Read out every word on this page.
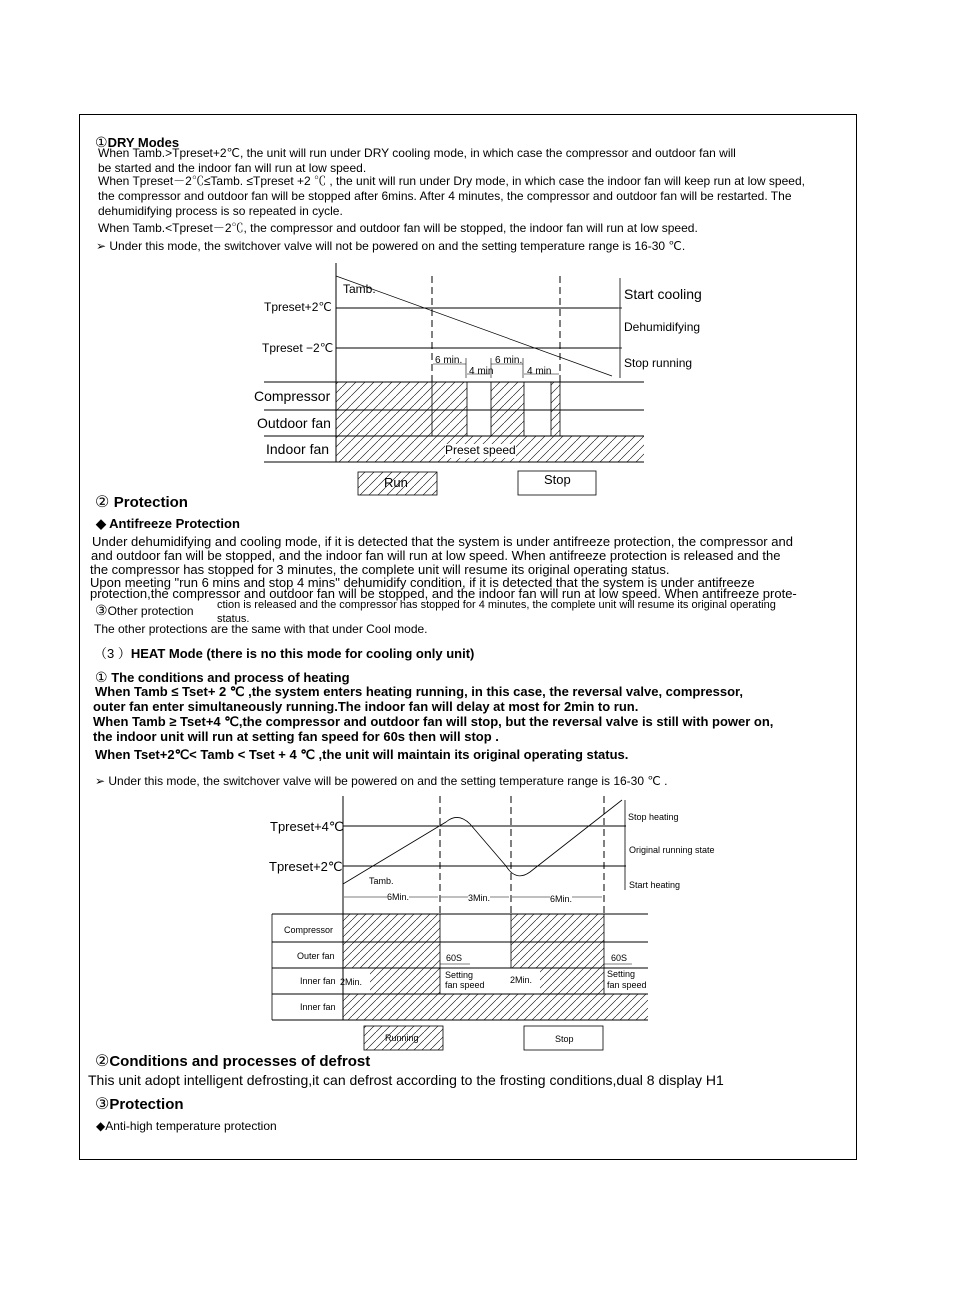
①DRY Modes
When Tamb.>Tpreset+2℃, the unit will run under DRY cooling mode, in which case the compressor and outdoor fan will
be started and the indoor fan will run at low speed.
When Tpreset－2℃≤Tamb. ≤Tpreset +2 ℃ , the unit will run under Dry mode, in which case the indoor fan will keep run at low speed,
the compressor and outdoor fan will be stopped after 6mins. After 4 minutes, the compressor and outdoor fan will be restarted. The
dehumidifying process is so repeated in cycle.
When Tamb.<Tpreset－2℃, the compressor and outdoor fan will be stopped, the indoor fan will run at low speed.
➢ Under this mode, the switchover valve will not be powered on and the setting temperature range is 16-30 ℃.
Tpreset+2℃
Tpreset −2℃
Tamb.	Start cooling
Dehumidifying
Stop running
6 min.	6 min.
4 min	4 min
Compressor
Outdoor fan
Indoor fan	Preset speed
Run	Stop
② Protection
◆ Antifreeze Protection
Under dehumidifying and cooling mode, if it is detected that the system is under antifreeze protection, the compressor and
and outdoor fan will be stopped, and the indoor fan will run at low speed. When antifreeze protection is released and the
the compressor has stopped for 3 minutes, the complete unit will resume its original operating status.
Upon meeting "run 6 mins and stop 4 mins" dehumidify condition, if it is detected that the system is under antifreeze
protection,the compressor and outdoor fan will be stopped, and the indoor fan will run at low speed. When antifreeze prote-
ction is released and the compressor has stopped for 4 minutes, the complete unit will resume its original operating
status.
③Other protection
The other protections are the same with that under Cool mode.
（3 ）HEAT Mode (there is no this mode for cooling only unit)
① The conditions and process of heating
When Tamb ≤ Tset+ 2 ℃ ,the system enters heating running, in this case, the reversal valve, compressor,
outer fan enter simultaneously running.The indoor fan will delay at most for 2min to run.
When Tamb ≥ Tset+4 ℃,the compressor and outdoor fan will stop, but the reversal valve is still with power on,
the indoor unit will run at setting fan speed for 60s then will stop .
When Tset+2℃< Tamb < Tset + 4 ℃ ,the unit will maintain its original operating status.
➢ Under this mode, the switchover valve will be powered on and the setting temperature range is 16-30 ℃ .
Tpreset+4℃
Tpreset+2℃
Tamb.
Stop heating
Original running state
Start heating
6Min.	3Min.	6Min.
Compressor
Outer fan
Inner fan
Inner fan
60S	60S
2Min.	2Min.
Setting
fan speed
Setting
fan speed
Running	Stop
②Conditions and processes of defrost
This unit adopt intelligent defrosting,it can defrost according to the frosting conditions,dual 8 display H1
③Protection
◆Anti-high temperature protection
